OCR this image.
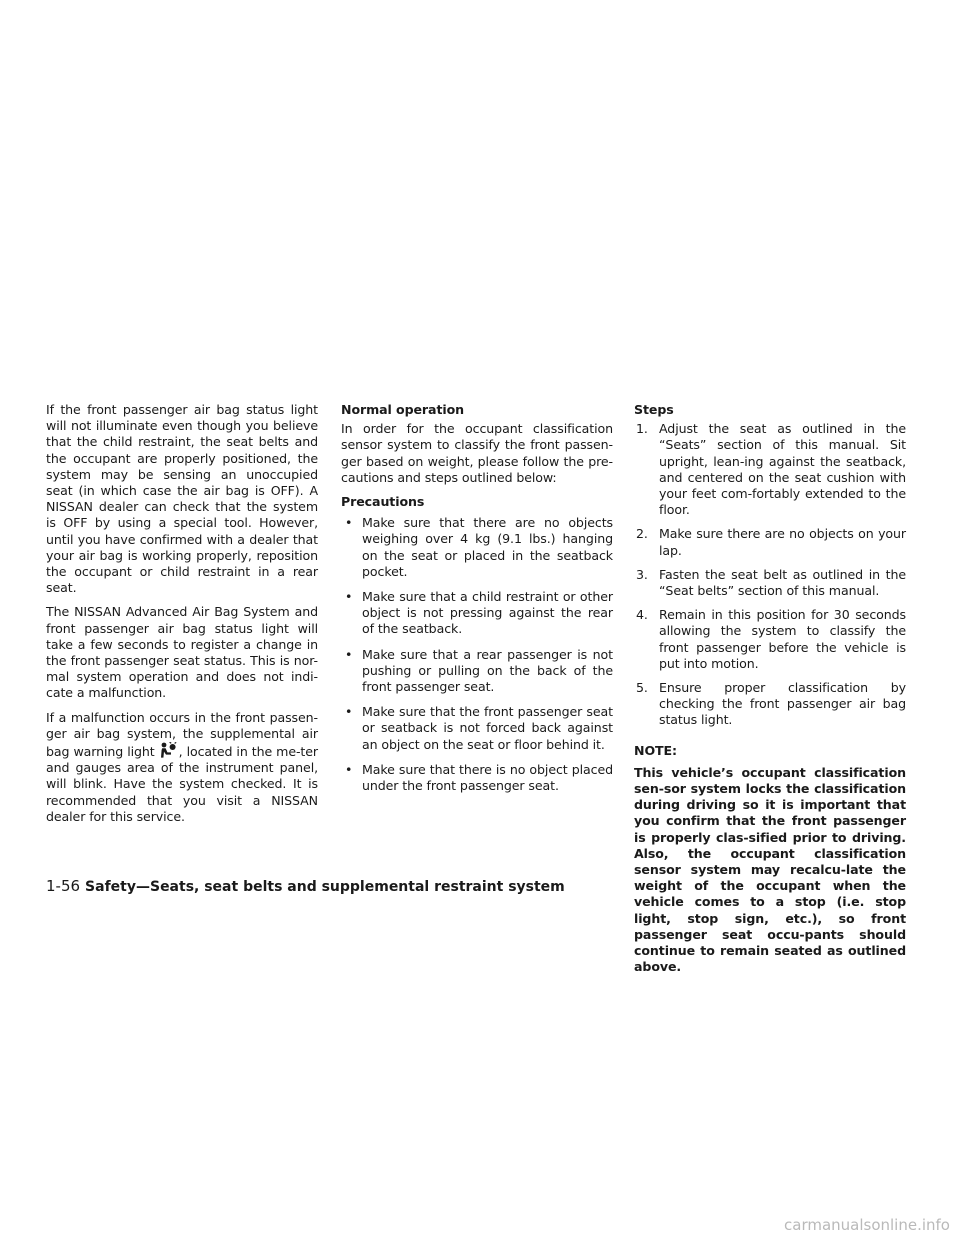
If the front passenger air bag status light will not illuminate even though you believe that the child restraint, the seat belts and the occupant are properly positioned, the system may be sensing an unoccupied seat (in which case the air bag is OFF). A NISSAN dealer can check that the system is OFF by using a special tool. However, until you have confirmed with a dealer that your air bag is working properly, reposition the occupant or child restraint in a rear seat.

The NISSAN Advanced Air Bag System and front passenger air bag status light will take a few seconds to register a change in the front passenger seat status. This is nor-mal system operation and does not indi-cate a malfunction.

If a malfunction occurs in the front passen-ger air bag system, the supplemental air bag warning light , located in the me-ter and gauges area of the instrument panel, will blink. Have the system checked. It is recommended that you visit a NISSAN dealer for this service.

Normal operation

In order for the occupant classification sensor system to classify the front passen-ger based on weight, please follow the pre-cautions and steps outlined below:

Precautions

• Make sure that there are no objects weighing over 4 kg (9.1 lbs.) hanging on the seat or placed in the seatback pocket.
• Make sure that a child restraint or other object is not pressing against the rear of the seatback.
• Make sure that a rear passenger is not pushing or pulling on the back of the front passenger seat.
• Make sure that the front passenger seat or seatback is not forced back against an object on the seat or floor behind it.
• Make sure that there is no object placed under the front passenger seat.

Steps

1. Adjust the seat as outlined in the “Seats” section of this manual. Sit upright, lean-ing against the seatback, and centered on the seat cushion with your feet com-fortably extended to the floor.
2. Make sure there are no objects on your lap.
3. Fasten the seat belt as outlined in the “Seat belts” section of this manual.
4. Remain in this position for 30 seconds allowing the system to classify the front passenger before the vehicle is put into motion.
5. Ensure proper classification by checking the front passenger air bag status light.

NOTE:

This vehicle’s occupant classification sen-sor system locks the classification during driving so it is important that you confirm that the front passenger is properly clas-sified prior to driving. Also, the occupant classification sensor system may recalcu-late the weight of the occupant when the vehicle comes to a stop (i.e. stop light, stop sign, etc.), so front passenger seat occu-pants should continue to remain seated as outlined above.

1-56 Safety—Seats, seat belts and supplemental restraint system
carmanualsonline.info
